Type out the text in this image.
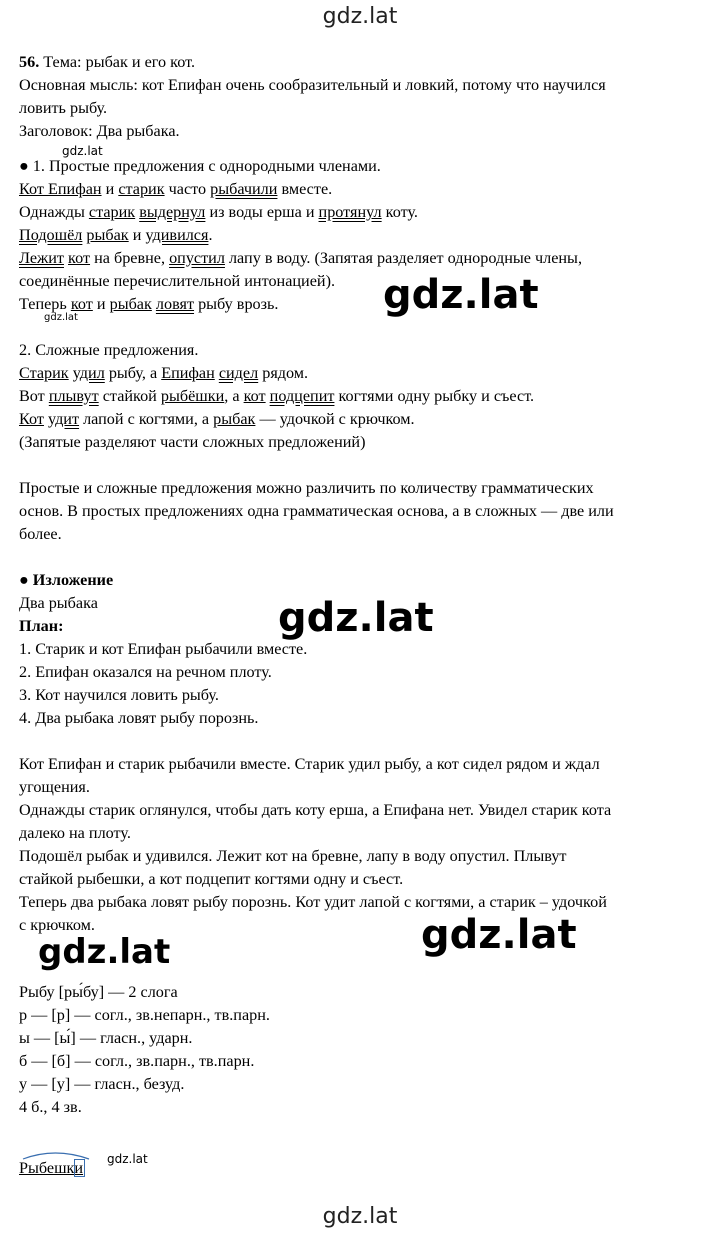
gdz.lat
56. Тема: рыбак и его кот.
Основная мысль: кот Епифан очень сообразительный и ловкий, потому что научился
ловить рыбу.
Заголовок: Два рыбака.
● 1. Простые предложения с однородными членами.
Кот Епифан и старик часто рыбачили вместе.
Однажды старик выдернул из воды ерша и протянул коту.
Подошёл рыбак и удивился.
Лежит кот на бревне, опустил лапу в воду. (Запятая разделяет однородные члены,
соединённые перечислительной интонацией).
Теперь кот и рыбак ловят рыбу врозь.
2. Сложные предложения.
Старик удил рыбу, а Епифан сидел рядом.
Вот плывут стайкой рыбёшки, а кот подцепит когтями одну рыбку и съест.
Кот удит лапой с когтями, а рыбак — удочкой с крючком.
(Запятые разделяют части сложных предложений)
Простые и сложные предложения можно различить по количеству грамматических
основ. В простых предложениях одна грамматическая основа, а в сложных — две или
более.
● Изложение
Два рыбака
План:
1. Старик и кот Епифан рыбачили вместе.
2. Епифан оказался на речном плоту.
3. Кот научился ловить рыбу.
4. Два рыбака ловят рыбу порознь.
Кот Епифан и старик рыбачили вместе. Старик удил рыбу, а кот сидел рядом и ждал
угощения.
Однажды старик оглянулся, чтобы дать коту ерша, а Епифана нет. Увидел старик кота
далеко на плоту.
Подошёл рыбак и удивился. Лежит кот на бревне, лапу в воду опустил. Плывут
стайкой рыбешки, а кот подцепит когтями одну и съест.
Теперь два рыбака ловят рыбу порознь. Кот удит лапой с когтями, а старик – удочкой
с крючком.
Рыбу [ры́бу] — 2 слога
р — [р] — согл., зв.непарн., тв.парн.
ы — [ы́] — гласн., ударн.
б — [б] — согл., зв.парн., тв.парн.
у — [у] — гласн., безуд.
4 б., 4 зв.
Рыбешки
gdz.lat
gdz.lat	gdz.lat
gdz.lat
gdz.lat
gdz.lat
gdz.lat
gdz.lat
